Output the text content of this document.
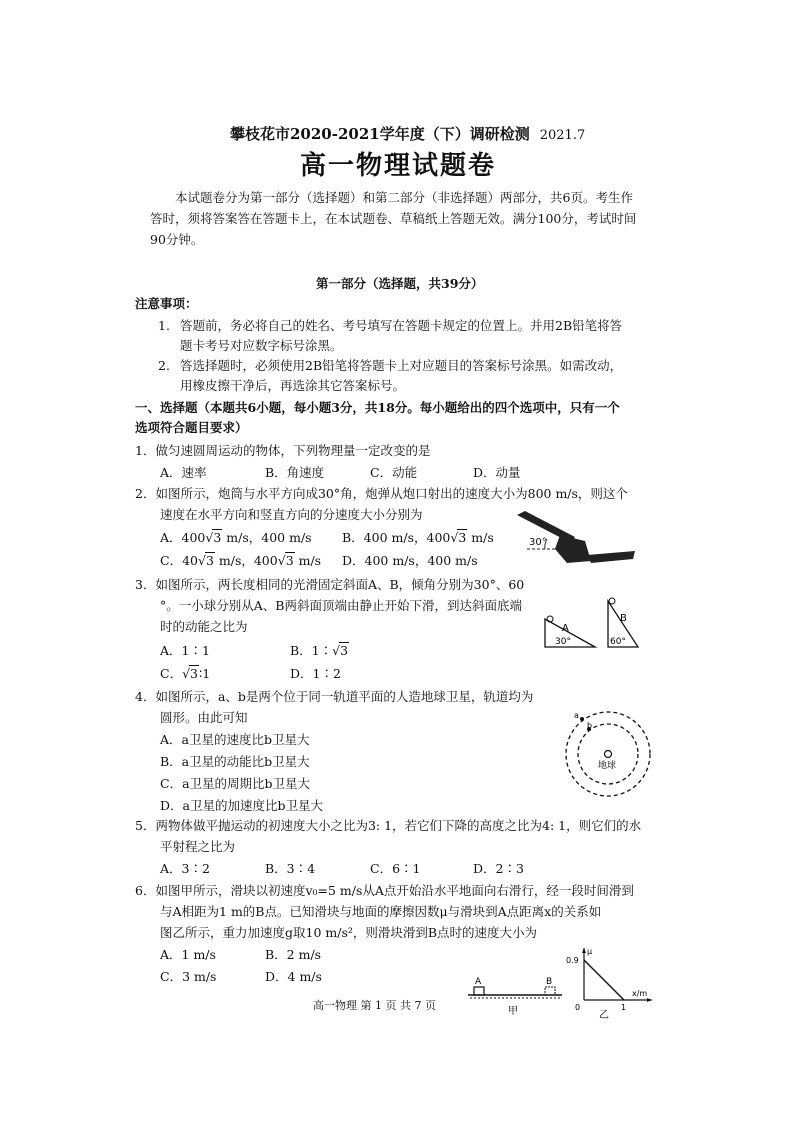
攀枝花市2020-2021学年度（下）调研检测 2021.7
高一物理试题卷
本试题卷分为第一部分（选择题）和第二部分（非选择题）两部分，共6页。考生作
答时，须将答案答在答题卡上，在本试题卷、草稿纸上答题无效。满分100分，考试时间
90分钟。
第一部分（选择题，共39分）
注意事项：
1. 答题前，务必将自己的姓名、考号填写在答题卡规定的位置上。并用2B铅笔将答
题卡考号对应数字标号涂黑。
2. 答选择题时，必须使用2B铅笔将答题卡上对应题目的答案标号涂黑。如需改动，
用橡皮擦干净后，再选涂其它答案标号。
一、选择题（本题共6小题，每小题3分，共18分。每小题给出的四个选项中，只有一个
选项符合题目要求）
1．做匀速圆周运动的物体，下列物理量一定改变的是
A．速率	B．角速度	C．动能	D．动量
2．如图所示，炮筒与水平方向成30°角，炮弹从炮口射出的速度大小为800 m/s，则这个
速度在水平方向和竖直方向的分速度大小分别为
A．400√3 m/s，400 m/s B．400 m/s，400√3 m/s
C．40√3 m/s，400√3 m/s D．400 m/s，400 m/s
30°
3．如图所示，两长度相同的光滑固定斜面A、B，倾角分别为30°、60
°。一小球分别从A、B两斜面顶端由静止开始下滑，到达斜面底端
时的动能之比为
A．1∶1	B．1∶√3
C．√3∶1	D．1∶2
A
30°
B
60°
4．如图所示，a、b是两个位于同一轨道平面的人造地球卫星，轨道均为
圆形。由此可知
A．a卫星的速度比b卫星大
B．a卫星的动能比b卫星大
C．a卫星的周期比b卫星大
D．a卫星的加速度比b卫星大
地球
a
b
5．两物体做平抛运动的初速度大小之比为3: 1，若它们下降的高度之比为4: 1，则它们的水
平射程之比为
A．3∶2	B．3∶4	C．6∶1	D．2∶3
6．如图甲所示，滑块以初速度v₀=5 m/s从A点开始沿水平地面向右滑行，经一段时间滑到
与A相距为1 m的B点。已知滑块与地面的摩擦因数μ与滑块到A点距离x的关系如
图乙所示，重力加速度g取10 m/s²，则滑块滑到B点时的速度大小为
A．1 m/s	B．2 m/s
C．3 m/s	D．4 m/s	A	B
甲
μ
0.9
0	1
x/m
乙
高一物理 第 1 页 共 7 页
